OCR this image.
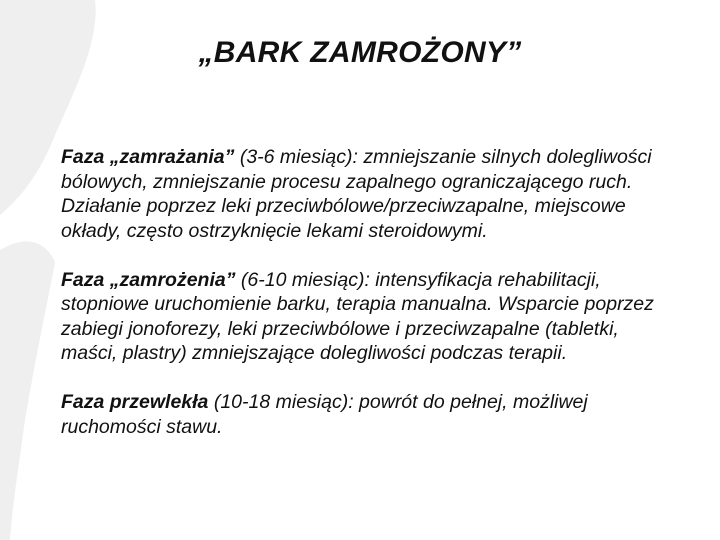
„BARK ZAMROŻONY”

Faza „zamrażania” (3-6 miesiąc): zmniejszanie silnych dolegliwości bólowych, zmniejszanie procesu zapalnego ograniczającego ruch. Działanie poprzez leki przeciwbólowe/przeciwzapalne, miejscowe okłady, często ostrzyknięcie lekami steroidowymi.

Faza „zamrożenia” (6-10 miesiąc): intensyfikacja rehabilitacji, stopniowe uruchomienie barku, terapia manualna. Wsparcie poprzez zabiegi jonoforezy, leki przeciwbólowe i przeciwzapalne (tabletki, maści, plastry) zmniejszające dolegliwości podczas terapii.

Faza przewlekła (10-18 miesiąc): powrót do pełnej, możliwej ruchomości stawu.
